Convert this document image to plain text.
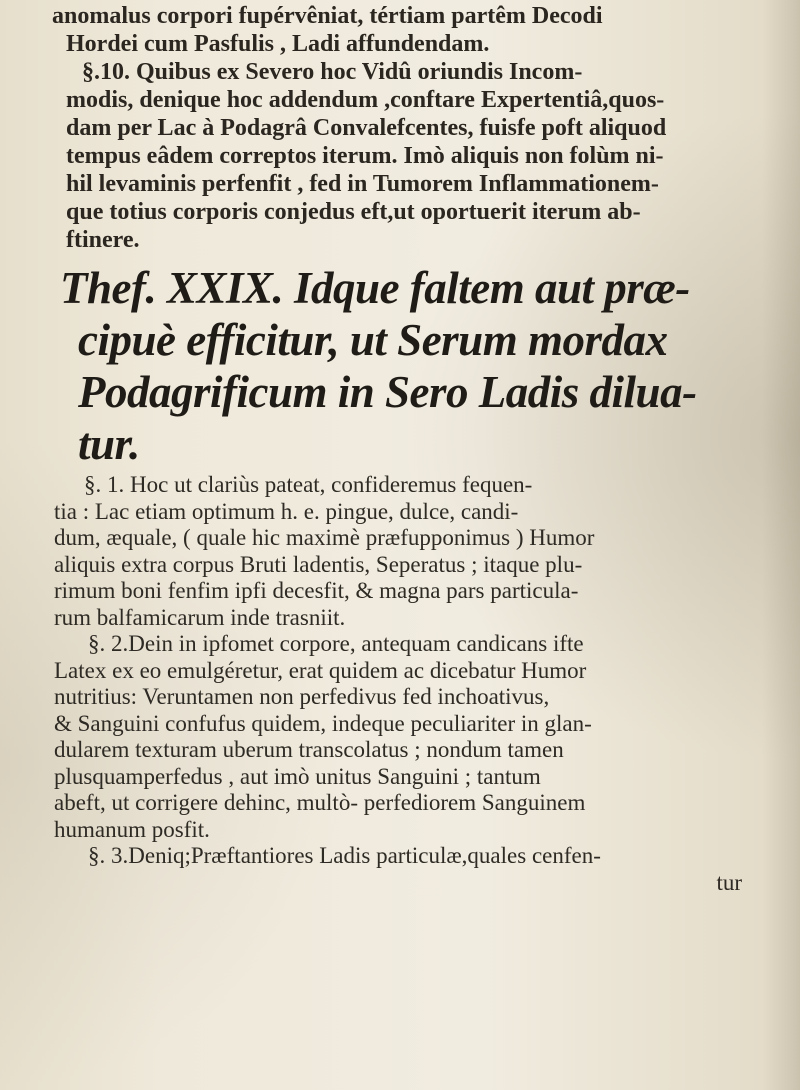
anomalus corpori fupérvêniat, tértiam partêm Decodi
Hordei cum Pasfulis , Ladi affundendam.
§.10. Quibus ex Severo hoc Vidû oriundis Incom-
modis, denique hoc addendum ,conftare Expertentiâ,quos-
dam per Lac à Podagrâ Convalefcentes, fuisfe poft aliquod
tempus eâdem correptos iterum. Imò aliquis non folùm ni-
hil levaminis perfenfit , fed in Tumorem Inflammationem-
que totius corporis conjedus eft,ut oportuerit iterum ab-
ftinere.
Thef. XXIX. Idque faltem aut præ-
cipuè efficitur, ut Serum mordax
Podagrificum in Sero Ladis dilua-
tur.
§. 1. Hoc ut clariùs pateat, confideremus fequen-
tia : Lac etiam optimum h. e. pingue, dulce, candi-
dum, æquale, ( quale hic maximè præfupponimus ) Humor
aliquis extra corpus Bruti ladentis, Seperatus ; itaque plu-
rimum boni fenfim ipfi decesfit, & magna pars particula-
rum balfamicarum inde trasniit.
§. 2.Dein in ipfomet corpore, antequam candicans ifte
Latex ex eo emulgéretur, erat quidem ac dicebatur Humor
nutritius: Veruntamen non perfedivus fed inchoativus,
& Sanguini confufus quidem, indeque peculiariter in glan-
dularem texturam uberum transcolatus ; nondum tamen
plusquamperfedus , aut imò unitus Sanguini ; tantum
abeft, ut corrigere dehinc, multò- perfediorem Sanguinem
humanum posfit.
§. 3.Deniq;Præftantiores Ladis particulæ,quales cenfen-
tur
